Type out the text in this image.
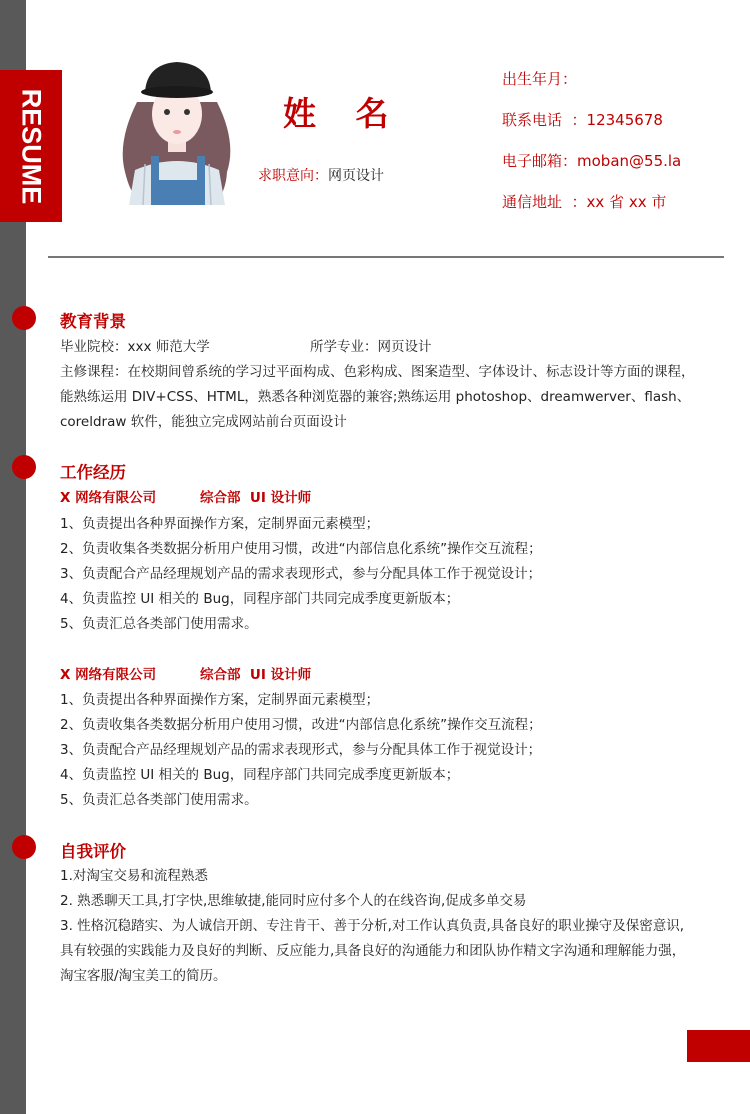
RESUME	姓 名
求职意向：网页设计
出生年月：
联系电话  ：12345678
电子邮箱：moban@55.la
通信地址  ：xx 省 xx 市
教育背景
毕业院校：xxx 师范大学	所学专业：网页设计
主修课程：在校期间曾系统的学习过平面构成、色彩构成、图案造型、字体设计、标志设计等方面的课程，
能熟练运用 DIV+CSS、HTML，熟悉各种浏览器的兼容;熟练运用 photoshop、dreamwerver、flash、
coreldraw 软件，能独立完成网站前台页面设计
工作经历
X 网络有限公司	综合部  UI 设计师
1、负责提出各种界面操作方案，定制界面元素模型；
2、负责收集各类数据分析用户使用习惯，改进“内部信息化系统”操作交互流程；
3、负责配合产品经理规划产品的需求表现形式，参与分配具体工作于视觉设计；
4、负责监控 UI 相关的 Bug，同程序部门共同完成季度更新版本；
5、负责汇总各类部门使用需求。
X 网络有限公司	综合部  UI 设计师
1、负责提出各种界面操作方案，定制界面元素模型；
2、负责收集各类数据分析用户使用习惯，改进“内部信息化系统”操作交互流程；
3、负责配合产品经理规划产品的需求表现形式，参与分配具体工作于视觉设计；
4、负责监控 UI 相关的 Bug，同程序部门共同完成季度更新版本；
5、负责汇总各类部门使用需求。
自我评价
1.对淘宝交易和流程熟悉
2. 熟悉聊天工具,打字快,思维敏捷,能同时应付多个人的在线咨询,促成多单交易
3. 性格沉稳踏实、为人诚信开朗、专注肯干、善于分析,对工作认真负责,具备良好的职业操守及保密意识,
具有较强的实践能力及良好的判断、反应能力,具备良好的沟通能力和团队协作精文字沟通和理解能力强，
淘宝客服/淘宝美工的简历。
